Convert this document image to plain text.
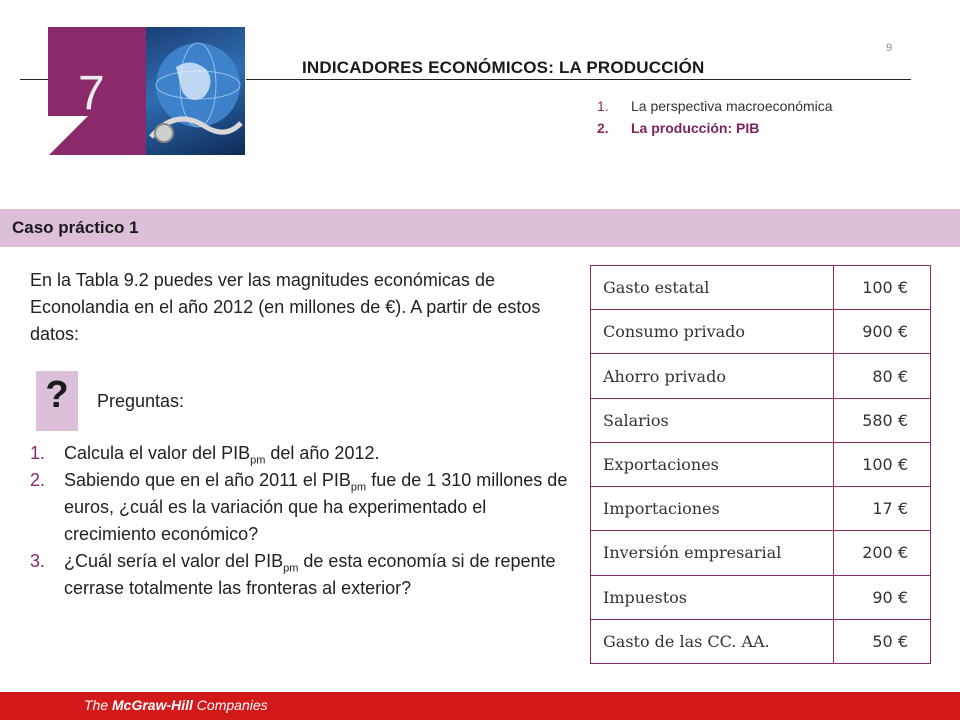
7
9
INDICADORES ECONÓMICOS: LA PRODUCCIÓN
1. La perspectiva macroeconómica
2. La producción: PIB
Caso práctico 1
En la Tabla 9.2 puedes ver las magnitudes económicas de Econolandia en el año 2012 (en millones de €). A partir de estos datos:
?	Preguntas:
1. Calcula el valor del $PIB_{pm}$ del año 2012.
2. Sabiendo que en el año 2011 el $PIB_{pm}$ fue de 1 310 millones de euros, ¿cuál es la variación que ha experimentado el crecimiento económico?
3. ¿Cuál sería el valor del $PIB_{pm}$ de esta economía si de repente cerrase totalmente las fronteras al exterior?
Gasto estatal	100 €
Consumo privado	900 €
Ahorro privado	80 €
Salarios	580 €
Exportaciones	100 €
Importaciones	17 €
Inversión empresarial	200 €
Impuestos	90 €
Gasto de las CC. AA.	50 €
The McGraw-Hill Companies
